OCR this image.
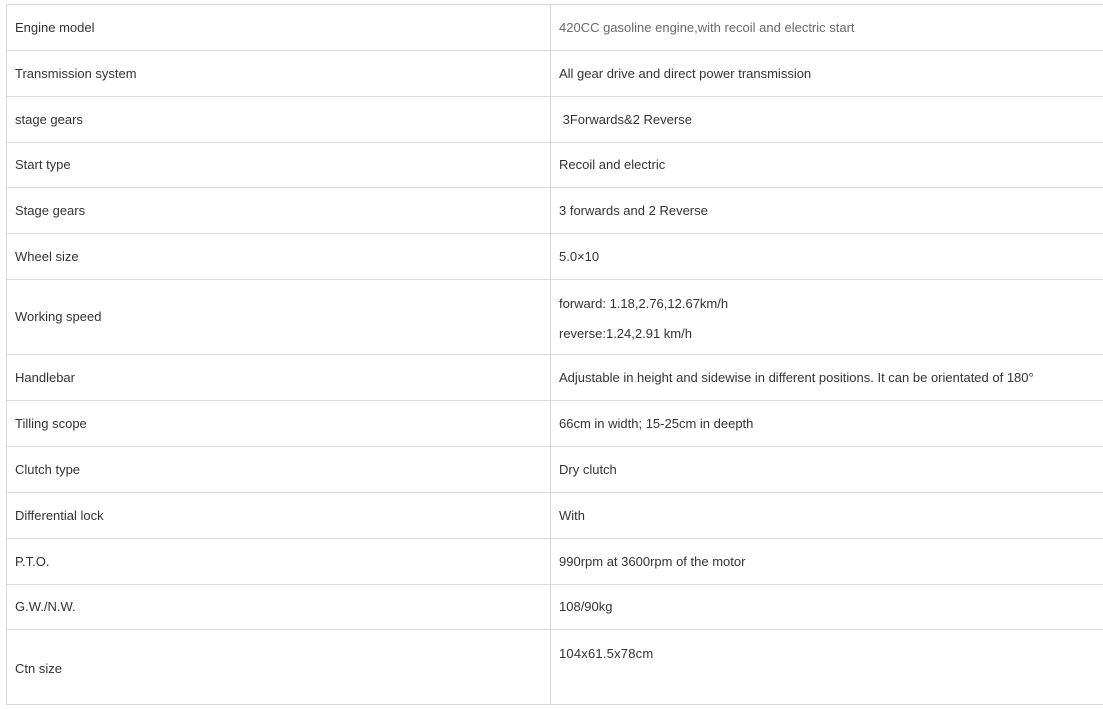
Engine model	420CC gasoline engine,with recoil and electric start
Transmission system	All gear drive and direct power transmission
stage gears	3Forwards&2 Reverse
Start type	Recoil and electric
Stage gears	3 forwards and 2 Reverse
Wheel size	5.0×10
Working speed	forward: 1.18,2.76,12.67km/h
reverse:1.24,2.91 km/h

Handlebar	Adjustable in height and sidewise in different positions. It can be orientated of 180°
Tilling scope	66cm in width; 15-25cm in deepth
Clutch type	Dry clutch
Differential lock	With
P.T.O.	990rpm at 3600rpm of the motor
G.W./N.W.	108/90kg
Ctn size	104x61.5x78cm
